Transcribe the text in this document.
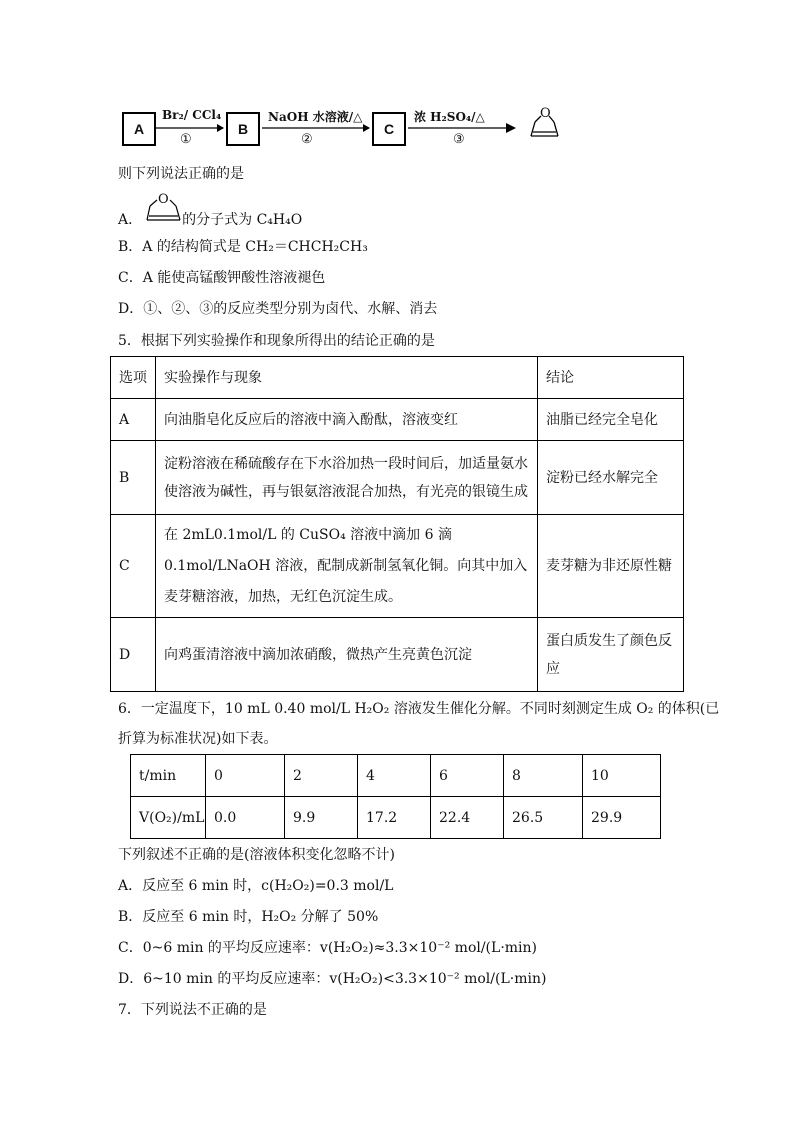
A	B	C
Br₂/ CCl₄
①
NaOH 水溶液/△
②
浓 H₂SO₄/△
③
O
则下列说法正确的是
A．	的分子式为 C₄H₄O
O
B．A 的结构简式是 CH₂＝CHCH₂CH₃
C．A 能使高锰酸钾酸性溶液褪色
D．①、②、③的反应类型分别为卤代、水解、消去
5．根据下列实验操作和现象所得出的结论正确的是
选项	实验操作与现象	结论
A	向油脂皂化反应后的溶液中滴入酚酞，溶液变红	油脂已经完全皂化
B	淀粉溶液在稀硫酸存在下水浴加热一段时间后，加适量氨水使溶液为碱性，再与银氨溶液混合加热，有光亮的银镜生成	淀粉已经水解完全
C	在 2mL0.1mol/L 的 CuSO₄ 溶液中滴加 6 滴 0.1mol/LNaOH 溶液，配制成新制氢氧化铜。向其中加入麦芽糖溶液，加热，无红色沉淀生成。	麦芽糖为非还原性糖
D	向鸡蛋清溶液中滴加浓硝酸，微热产生亮黄色沉淀	蛋白质发生了颜色反应
6．一定温度下，10 mL 0.40 mol/L H₂O₂ 溶液发生催化分解。不同时刻测定生成 O₂ 的体积(已
折算为标准状况)如下表。
t/min	0	2	4	6	8	10
V(O₂)/mL	0.0	9.9	17.2	22.4	26.5	29.9
下列叙述不正确的是(溶液体积变化忽略不计)
A．反应至 6 min 时，c(H₂O₂)=0.3 mol/L
B．反应至 6 min 时，H₂O₂ 分解了 50%
C．0~6 min 的平均反应速率：v(H₂O₂)≈3.3×10⁻² mol/(L·min)
D．6~10 min 的平均反应速率：v(H₂O₂)<3.3×10⁻² mol/(L·min)
7．下列说法不正确的是
